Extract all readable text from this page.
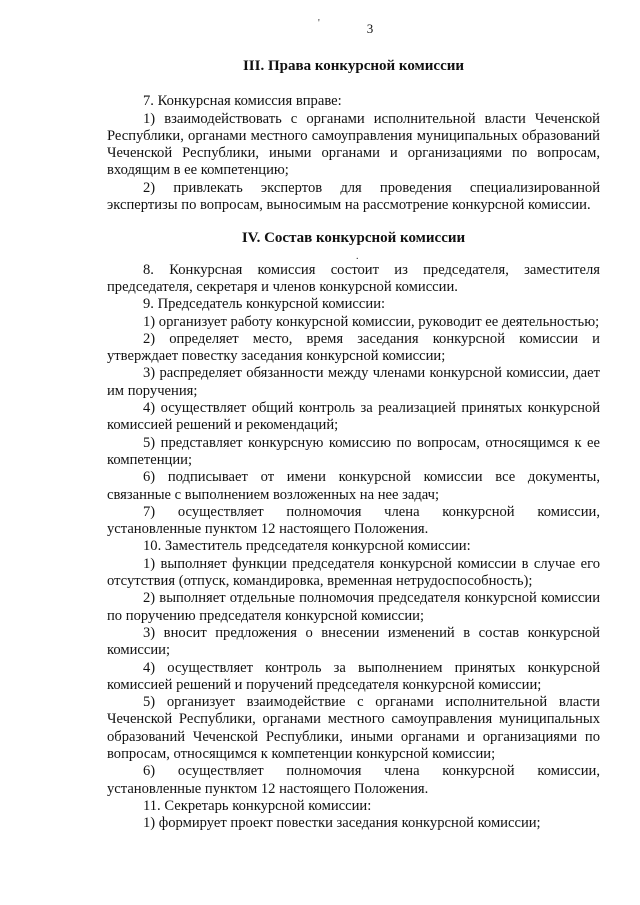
3
'
.
III. Права конкурсной комиссии

7. Конкурсная комиссия вправе:

1) взаимодействовать с органами исполнительной власти Чеченской Республики, органами местного самоуправления муниципальных образований Чеченской Республики, иными органами и организациями по вопросам, входящим в ее компетенцию;

2) привлекать экспертов для проведения специализированной экспертизы по вопросам, выносимым на рассмотрение конкурсной комиссии.

IV. Состав конкурсной комиссии

8. Конкурсная комиссия состоит из председателя, заместителя председателя, секретаря и членов конкурсной комиссии.

9. Председатель конкурсной комиссии:

1) организует работу конкурсной комиссии, руководит ее деятельностью;

2) определяет место, время заседания конкурсной комиссии и утверждает повестку заседания конкурсной комиссии;

3) распределяет обязанности между членами конкурсной комиссии, дает им поручения;

4) осуществляет общий контроль за реализацией принятых конкурсной комиссией решений и рекомендаций;

5) представляет конкурсную комиссию по вопросам, относящимся к ее компетенции;

6) подписывает от имени конкурсной комиссии все документы, связанные с выполнением возложенных на нее задач;

7) осуществляет полномочия члена конкурсной комиссии, установленные пунктом 12 настоящего Положения.

10. Заместитель председателя конкурсной комиссии:

1) выполняет функции председателя конкурсной комиссии в случае его отсутствия (отпуск, командировка, временная нетрудоспособность);

2) выполняет отдельные полномочия председателя конкурсной комиссии по поручению председателя конкурсной комиссии;

3) вносит предложения о внесении изменений в состав конкурсной комиссии;

4) осуществляет контроль за выполнением принятых конкурсной комиссией решений и поручений председателя конкурсной комиссии;

5) организует взаимодействие с органами исполнительной власти Чеченской Республики, органами местного самоуправления муниципальных образований Чеченской Республики, иными органами и организациями по вопросам, относящимся к компетенции конкурсной комиссии;

6) осуществляет полномочия члена конкурсной комиссии, установленные пунктом 12 настоящего Положения.

11. Секретарь конкурсной комиссии:

1) формирует проект повестки заседания конкурсной комиссии;
